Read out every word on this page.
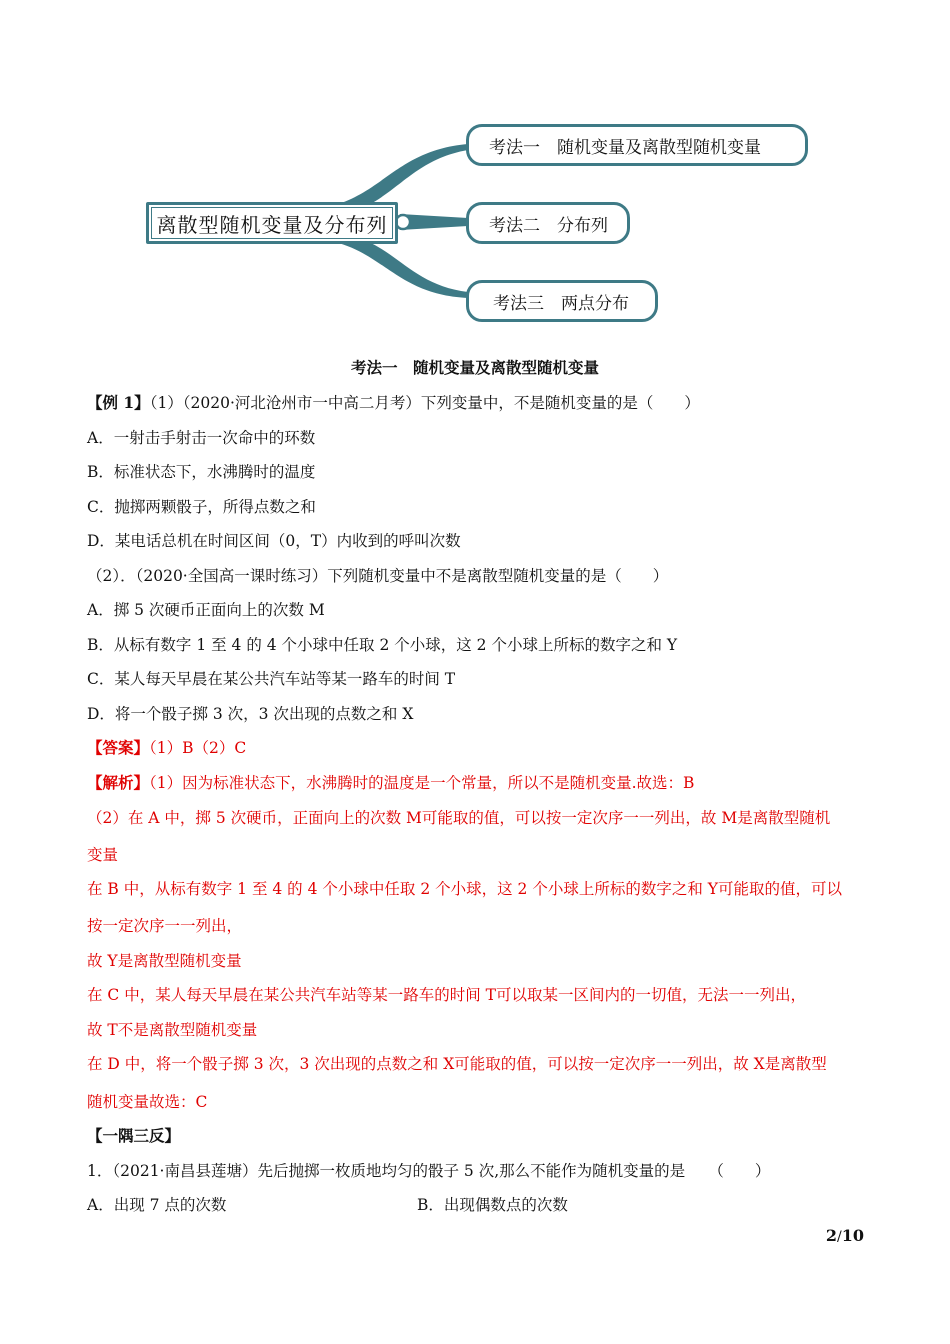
离散型随机变量及分布列
考法一　随机变量及离散型随机变量
考法二　分布列
考法三　两点分布
考法一　随机变量及离散型随机变量
【例 1】（1）（2020·河北沧州市一中高二月考）下列变量中，不是随机变量的是（　　）
A．一射击手射击一次命中的环数
B．标准状态下，水沸腾时的温度
C．抛掷两颗骰子，所得点数之和
D．某电话总机在时间区间（0，T）内收到的呼叫次数
（2）．（2020·全国高一课时练习）下列随机变量中不是离散型随机变量的是（　　）
A．掷 5 次硬币正面向上的次数 M
B．从标有数字 1 至 4 的 4 个小球中任取 2 个小球，这 2 个小球上所标的数字之和 Y
C．某人每天早晨在某公共汽车站等某一路车的时间 T
D．将一个骰子掷 3 次，3 次出现的点数之和 X
【答案】（1）B（2）C
【解析】（1）因为标准状态下，水沸腾时的温度是一个常量，所以不是随机变量.故选：B
（2）在 A 中，掷 5 次硬币，正面向上的次数 M可能取的值，可以按一定次序一一列出，故 M是离散型随机
变量
在 B 中，从标有数字 1 至 4 的 4 个小球中任取 2 个小球，这 2 个小球上所标的数字之和 Y可能取的值，可以
按一定次序一一列出，
故 Y是离散型随机变量
在 C 中，某人每天早晨在某公共汽车站等某一路车的时间 T可以取某一区间内的一切值，无法一一列出，
故 T不是离散型随机变量
在 D 中，将一个骰子掷 3 次，3 次出现的点数之和 X可能取的值，可以按一定次序一一列出，故 X是离散型
随机变量故选：C
【一隅三反】
1．（2021·南昌县莲塘）先后抛掷一枚质地均匀的骰子 5 次,那么不能作为随机变量的是　　（　　）
A．出现 7 点的次数	B．出现偶数点的次数
2/10
